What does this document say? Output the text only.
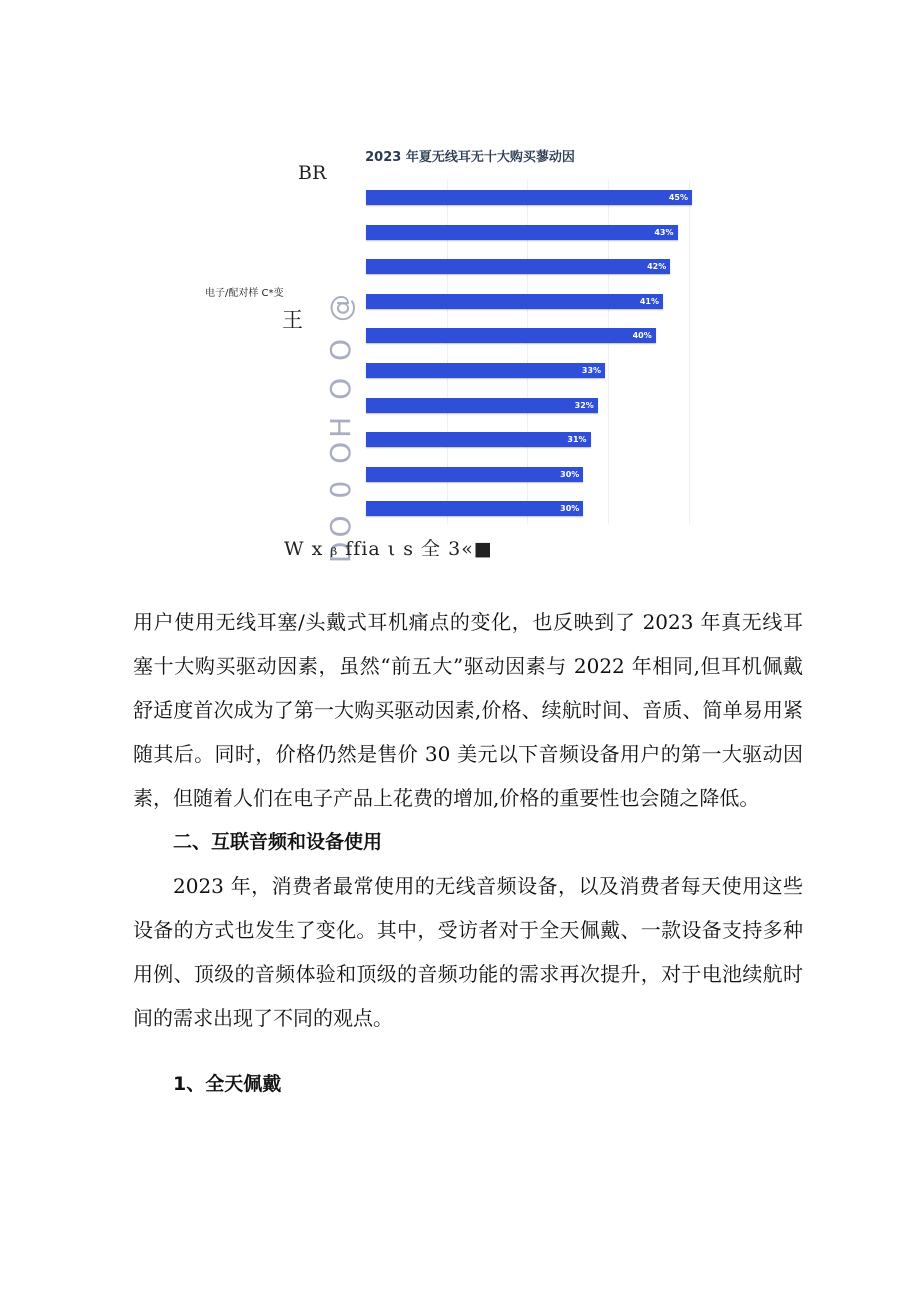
2023 年夏无线耳无十大购买蓼动因
BR
电子/配对样 C*变
王 DO 0 OH O O @
45%
43%
42%
41%
40%
33%
32%
31%
30%
30%
W x ᵦ ffia ι s 全 3«■

用户使用无线耳塞/头戴式耳机痛点的变化，也反映到了 2023 年真无线耳塞十大购买驱动因素，虽然“前五大”驱动因素与 2022 年相同,但耳机佩戴舒适度首次成为了第一大购买驱动因素,价格、续航时间、音质、简单易用紧随其后。同时，价格仍然是售价 30 美元以下音频设备用户的第一大驱动因素，但随着人们在电子产品上花费的增加,价格的重要性也会随之降低。

二、互联音频和设备使用

2023 年，消费者最常使用的无线音频设备，以及消费者每天使用这些设备的方式也发生了变化。其中，受访者对于全天佩戴、一款设备支持多种用例、顶级的音频体验和顶级的音频功能的需求再次提升，对于电池续航时间的需求出现了不同的观点。

1、全天佩戴
